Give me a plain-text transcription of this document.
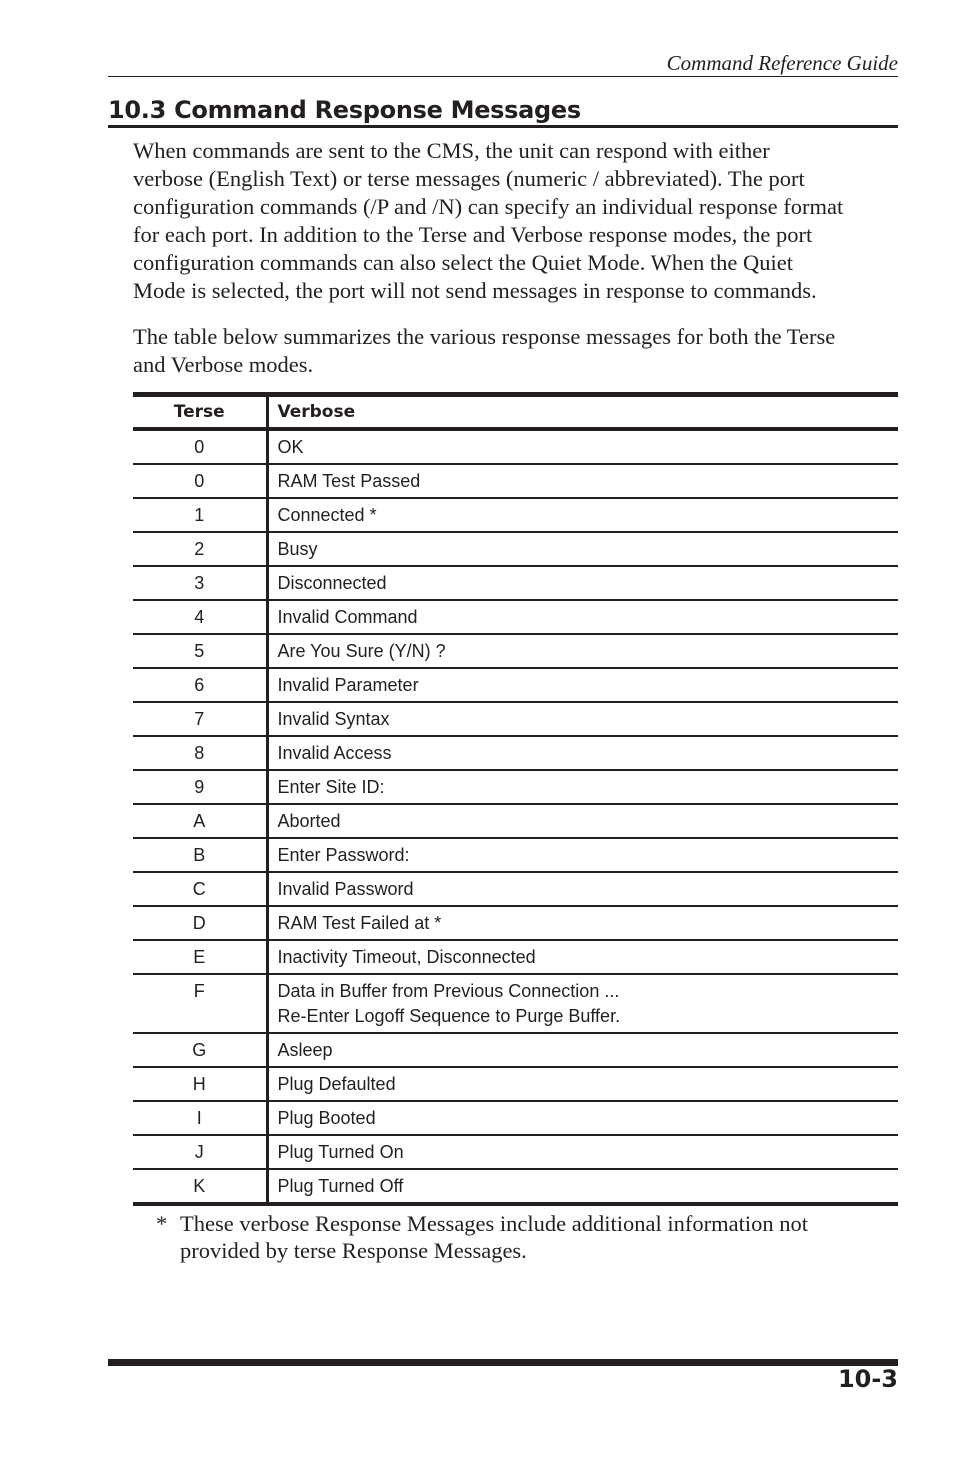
Command Reference Guide
10.3 Command Response Messages

When commands are sent to the CMS, the unit can respond with either
verbose (English Text) or terse messages (numeric / abbreviated). The port
configuration commands (/P and /N) can specify an individual response format
for each port. In addition to the Terse and Verbose response modes, the port
configuration commands can also select the Quiet Mode. When the Quiet
Mode is selected, the port will not send messages in response to commands.

The table below summarizes the various response messages for both the Terse
and Verbose modes.

Terse	Verbose
0	OK

0	RAM Test Passed

1	Connected *

2	Busy

3	Disconnected

4	Invalid Command

5	Are You Sure (Y/N) ?

6	Invalid Parameter

7	Invalid Syntax

8	Invalid Access

9	Enter Site ID:

A	Aborted

B	Enter Password:

C	Invalid Password

D	RAM Test Failed at *

E	Inactivity Timeout, Disconnected

F	Data in Buffer from Previous Connection ...
Re-Enter Logoff Sequence to Purge Buffer.

G	Asleep

H	Plug Defaulted

I	Plug Booted

J	Plug Turned On

K	Plug Turned Off
* These verbose Response Messages include additional information not
provided by terse Response Messages.
10-3
